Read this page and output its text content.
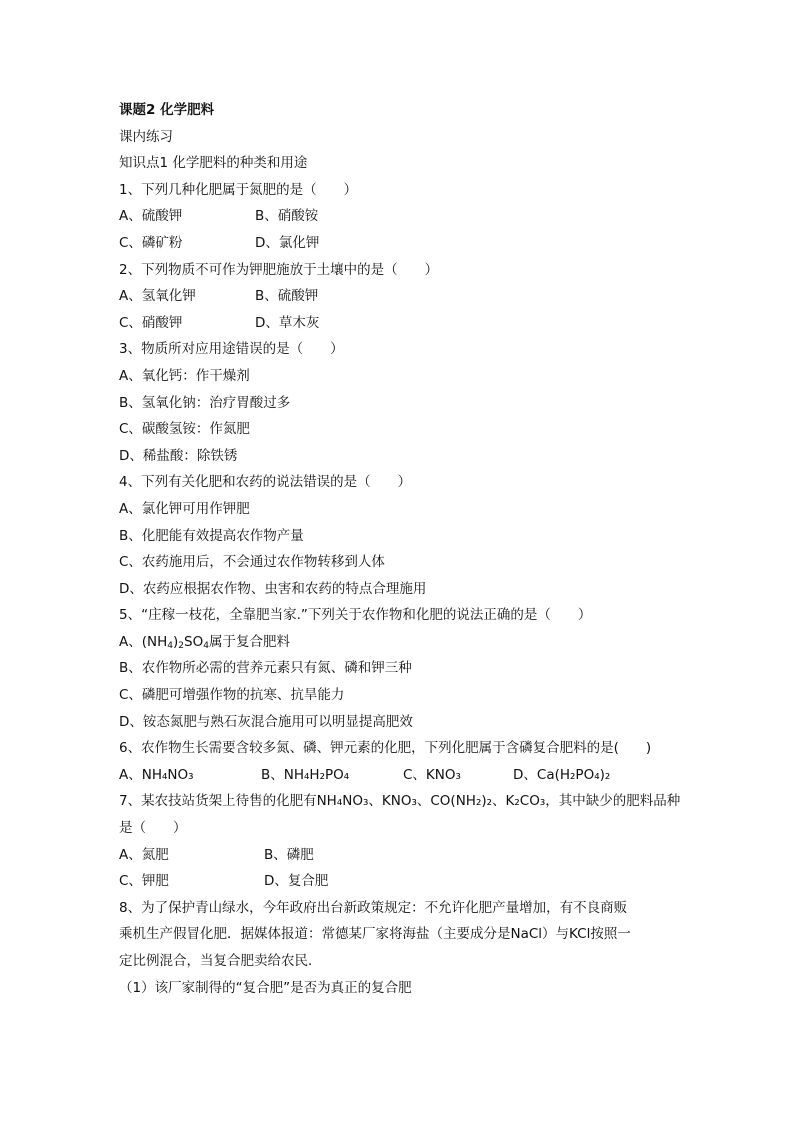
课题2 化学肥料
课内练习
知识点1 化学肥料的种类和用途
1、下列几种化肥属于氮肥的是（　　）
A、硫酸钾	B、硝酸铵
C、磷矿粉	D、氯化钾
2、下列物质不可作为钾肥施放于土壤中的是（　　）
A、氢氧化钾	B、硫酸钾
C、硝酸钾	D、草木灰
3、物质所对应用途错误的是（　　）
A、氧化钙：作干燥剂
B、氢氧化钠：治疗胃酸过多
C、碳酸氢铵：作氮肥
D、稀盐酸：除铁锈
4、下列有关化肥和农药的说法错误的是（　　）
A、氯化钾可用作钾肥
B、化肥能有效提高农作物产量
C、农药施用后，不会通过农作物转移到人体
D、农药应根据农作物、虫害和农药的特点合理施用
5、“庄稼一枝花，全靠肥当家.”下列关于农作物和化肥的说法正确的是（　　）
A、$(NH_4)_2SO_4$属于复合肥料
B、农作物所必需的营养元素只有氮、磷和钾三种
C、磷肥可增强作物的抗寒、抗旱能力
D、铵态氮肥与熟石灰混合施用可以明显提高肥效
6、农作物生长需要含较多氮、磷、钾元素的化肥，下列化肥属于含磷复合肥料的是(　　)
A、NH₄NO₃	B、NH₄H₂PO₄	C、KNO₃	D、Ca(H₂PO₄)₂
7、某农技站货架上待售的化肥有NH₄NO₃、KNO₃、CO(NH₂)₂、K₂CO₃，其中缺少的肥料品种
是（　　）
A、氮肥	B、磷肥
C、钾肥	D、复合肥
8、为了保护青山绿水，今年政府出台新政策规定：不允许化肥产量增加，有不良商贩
乘机生产假冒化肥．据媒体报道：常德某厂家将海盐（主要成分是NaCl）与KCl按照一
定比例混合，当复合肥卖给农民．
（1）该厂家制得的“复合肥”是否为真正的复合肥
